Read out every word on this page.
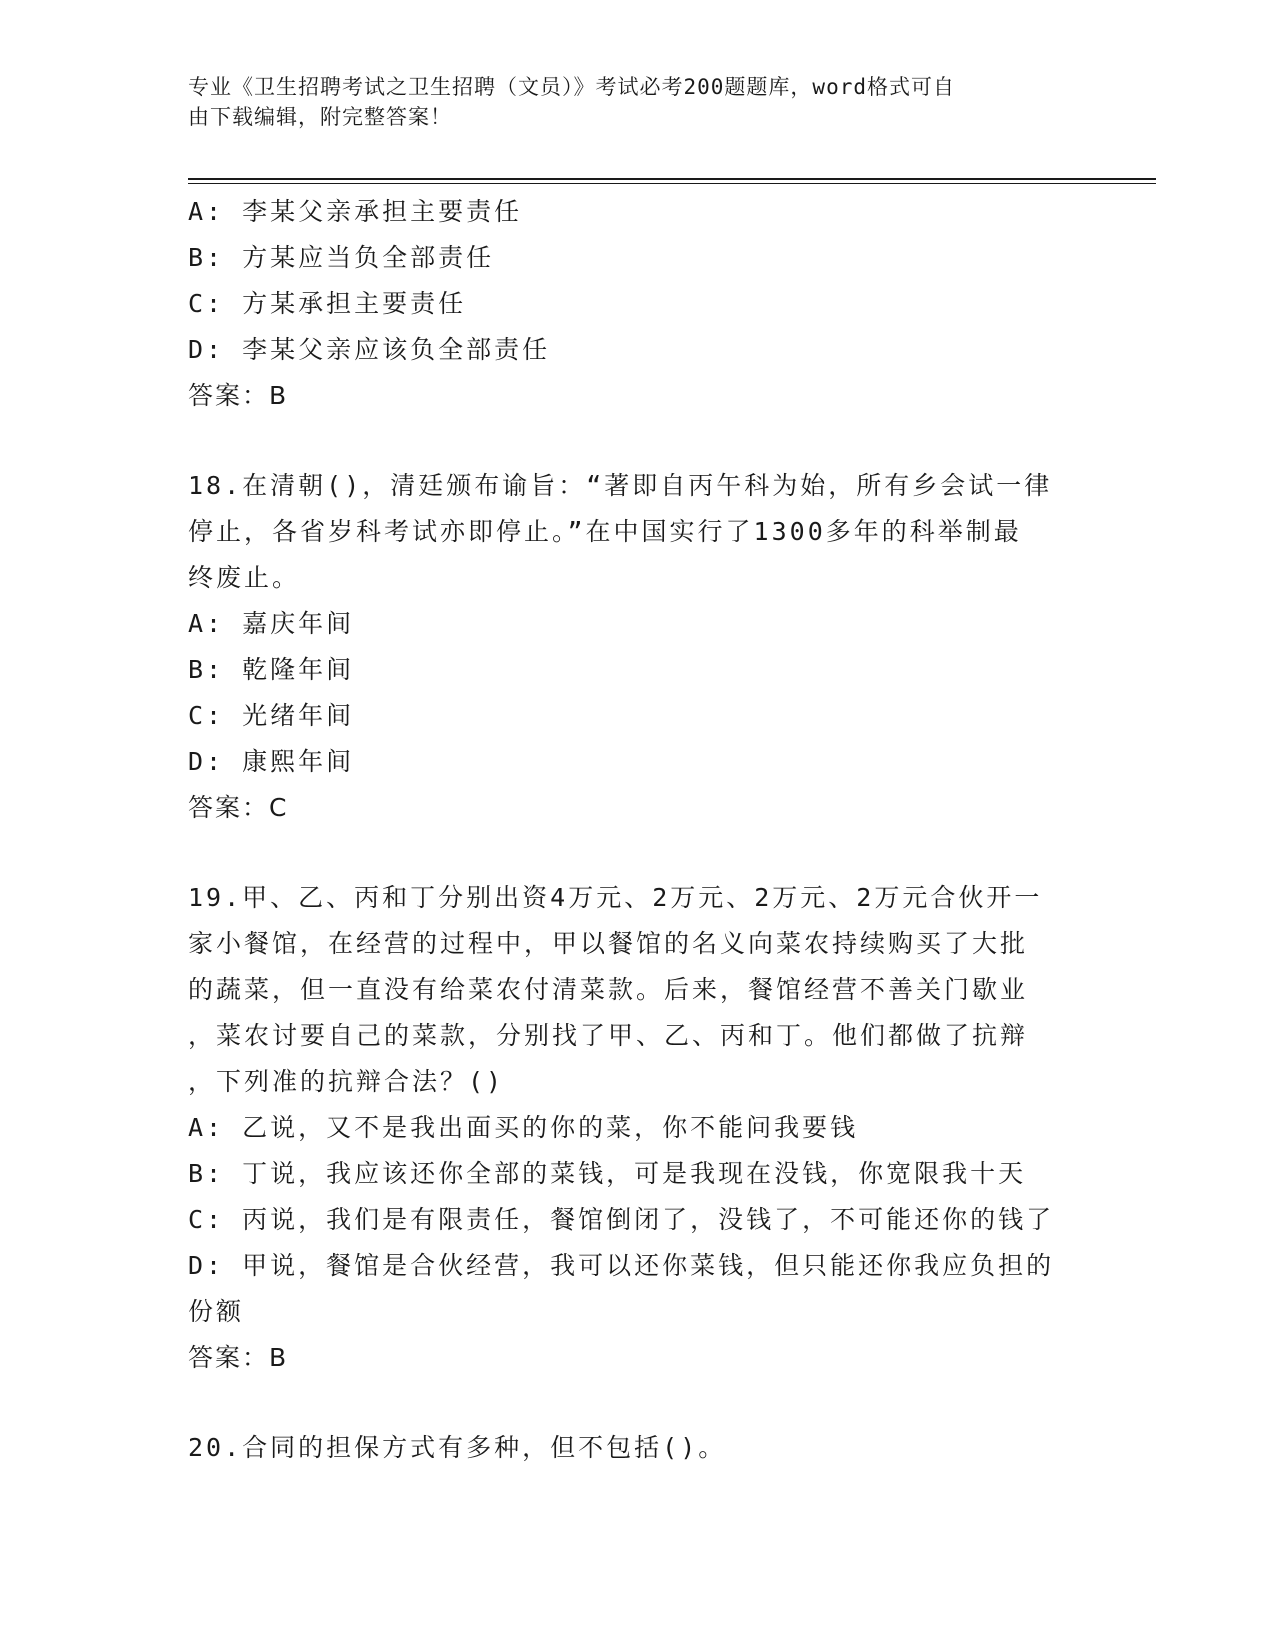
专业《卫生招聘考试之卫生招聘（文员）》考试必考200题题库，word格式可自
由下载编辑，附完整答案！
A: 李某父亲承担主要责任
B: 方某应当负全部责任
C: 方某承担主要责任
D: 李某父亲应该负全部责任
答案：B
18.在清朝()，清廷颁布谕旨：“著即自丙午科为始，所有乡会试一律
停止，各省岁科考试亦即停止。”在中国实行了1300多年的科举制最
终废止。
A: 嘉庆年间
B: 乾隆年间
C: 光绪年间
D: 康熙年间
答案：C
19.甲、乙、丙和丁分别出资4万元、2万元、2万元、2万元合伙开一
家小餐馆，在经营的过程中，甲以餐馆的名义向菜农持续购买了大批
的蔬菜，但一直没有给菜农付清菜款。后来，餐馆经营不善关门歇业
，菜农讨要自己的菜款，分别找了甲、乙、丙和丁。他们都做了抗辩
，下列准的抗辩合法？()
A: 乙说，又不是我出面买的你的菜，你不能问我要钱
B: 丁说，我应该还你全部的菜钱，可是我现在没钱，你宽限我十天
C: 丙说，我们是有限责任，餐馆倒闭了，没钱了，不可能还你的钱了
D: 甲说，餐馆是合伙经营，我可以还你菜钱，但只能还你我应负担的
份额
答案：B
20.合同的担保方式有多种，但不包括()。
